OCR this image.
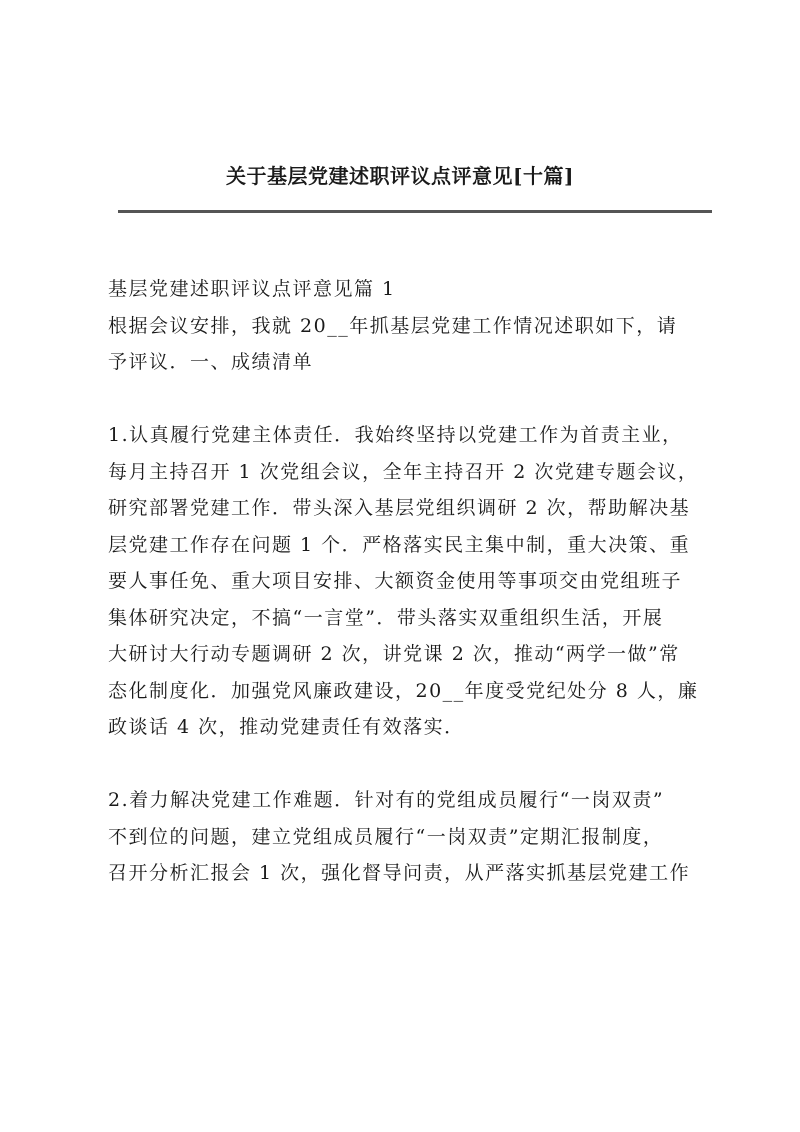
关于基层党建述职评议点评意见[十篇]
基层党建述职评议点评意见篇 1
根据会议安排，我就 20__年抓基层党建工作情况述职如下，请
予评议．一、成绩清单
1.认真履行党建主体责任．我始终坚持以党建工作为首责主业，
每月主持召开 1 次党组会议，全年主持召开 2 次党建专题会议，
研究部署党建工作．带头深入基层党组织调研 2 次，帮助解决基
层党建工作存在问题 1 个．严格落实民主集中制，重大决策、重
要人事任免、重大项目安排、大额资金使用等事项交由党组班子
集体研究决定，不搞“一言堂”．带头落实双重组织生活，开展
大研讨大行动专题调研 2 次，讲党课 2 次，推动“两学一做”常
态化制度化．加强党风廉政建设，20__年度受党纪处分 8 人，廉
政谈话 4 次，推动党建责任有效落实．
2.着力解决党建工作难题．针对有的党组成员履行“一岗双责”
不到位的问题，建立党组成员履行“一岗双责”定期汇报制度，
召开分析汇报会 1 次，强化督导问责，从严落实抓基层党建工作
